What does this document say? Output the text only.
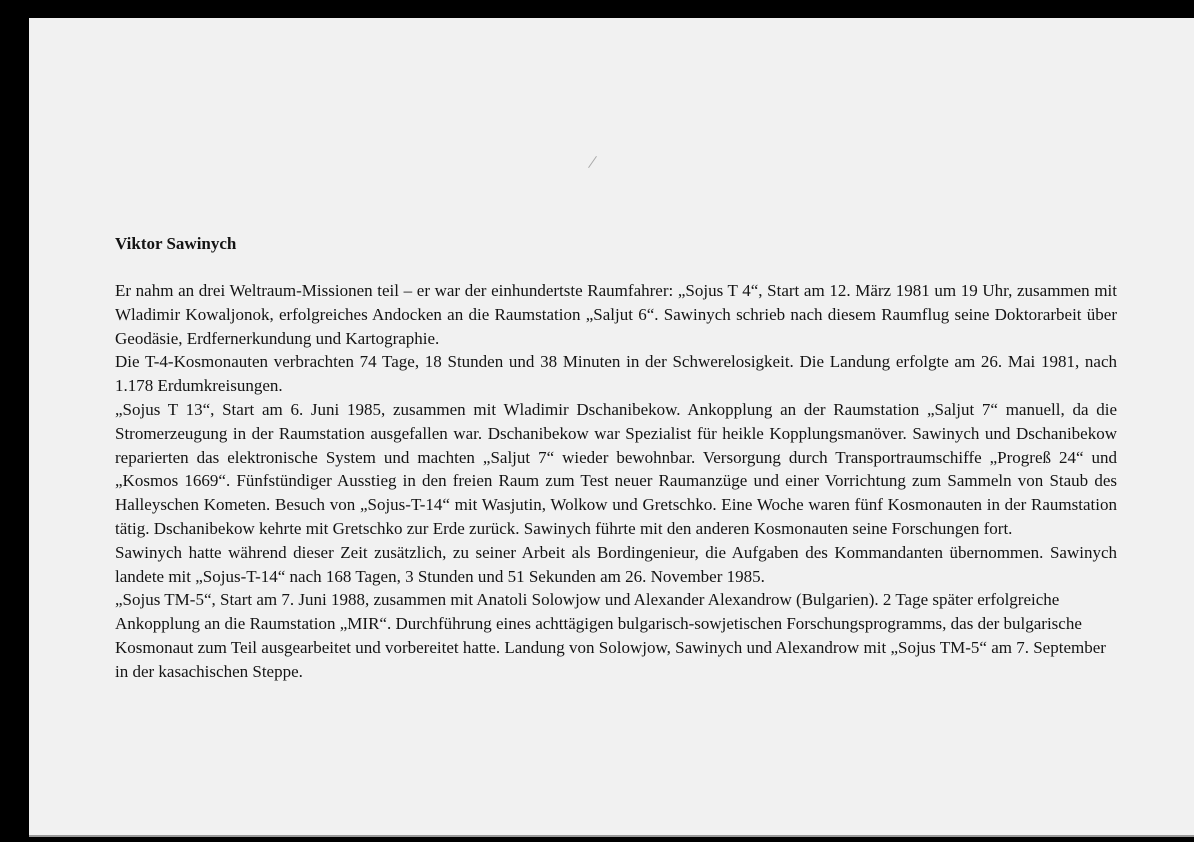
Viktor Sawinych

Er nahm an drei Weltraum-Missionen teil – er war der einhundertste Raumfahrer: „Sojus T 4“, Start am 12. März 1981 um 19 Uhr, zusammen mit Wladimir Kowaljonok, erfolgreiches Andocken an die Raumstation „Saljut 6“. Sawinych schrieb nach diesem Raumflug seine Doktorarbeit über Geodäsie, Erdfernerkundung und Kartographie.

Die T-4-Kosmonauten verbrachten 74 Tage, 18 Stunden und 38 Minuten in der Schwerelosigkeit. Die Landung erfolgte am 26. Mai 1981, nach 1.178 Erdumkreisungen.

„Sojus T 13“, Start am 6. Juni 1985, zusammen mit Wladimir Dschanibekow. Ankopplung an der Raumstation „Saljut 7“ manuell, da die Stromerzeugung in der Raumstation ausgefallen war. Dschanibekow war Spezialist für heikle Kopplungsmanöver. Sawinych und Dschanibekow reparierten das elektronische System und machten „Saljut 7“ wieder bewohnbar. Versorgung durch Transportraumschiffe „Progreß 24“ und „Kosmos 1669“. Fünfstündiger Ausstieg in den freien Raum zum Test neuer Raumanzüge und einer Vorrichtung zum Sammeln von Staub des Halleyschen Kometen. Besuch von „Sojus-T-14“ mit Wasjutin, Wolkow und Gretschko. Eine Woche waren fünf Kosmonauten in der Raumstation tätig. Dschanibekow kehrte mit Gretschko zur Erde zurück. Sawinych führte mit den anderen Kosmonauten seine Forschungen fort.

Sawinych hatte während dieser Zeit zusätzlich, zu seiner Arbeit als Bordingenieur, die Aufgaben des Kommandanten übernommen. Sawinych landete mit „Sojus-T-14“ nach 168 Tagen, 3 Stunden und 51 Sekunden am 26. November 1985.

„Sojus TM-5“, Start am 7. Juni 1988, zusammen mit Anatoli Solowjow und Alexander Alexandrow (Bulgarien). 2 Tage später erfolgreiche Ankopplung an die Raumstation „MIR“. Durchführung eines achttägigen bulgarisch-sowjetischen Forschungsprogramms, das der bulgarische Kosmonaut zum Teil ausgearbeitet und vorbereitet hatte. Landung von Solowjow, Sawinych und Alexandrow mit „Sojus TM-5“ am 7. September in der kasachischen Steppe.
